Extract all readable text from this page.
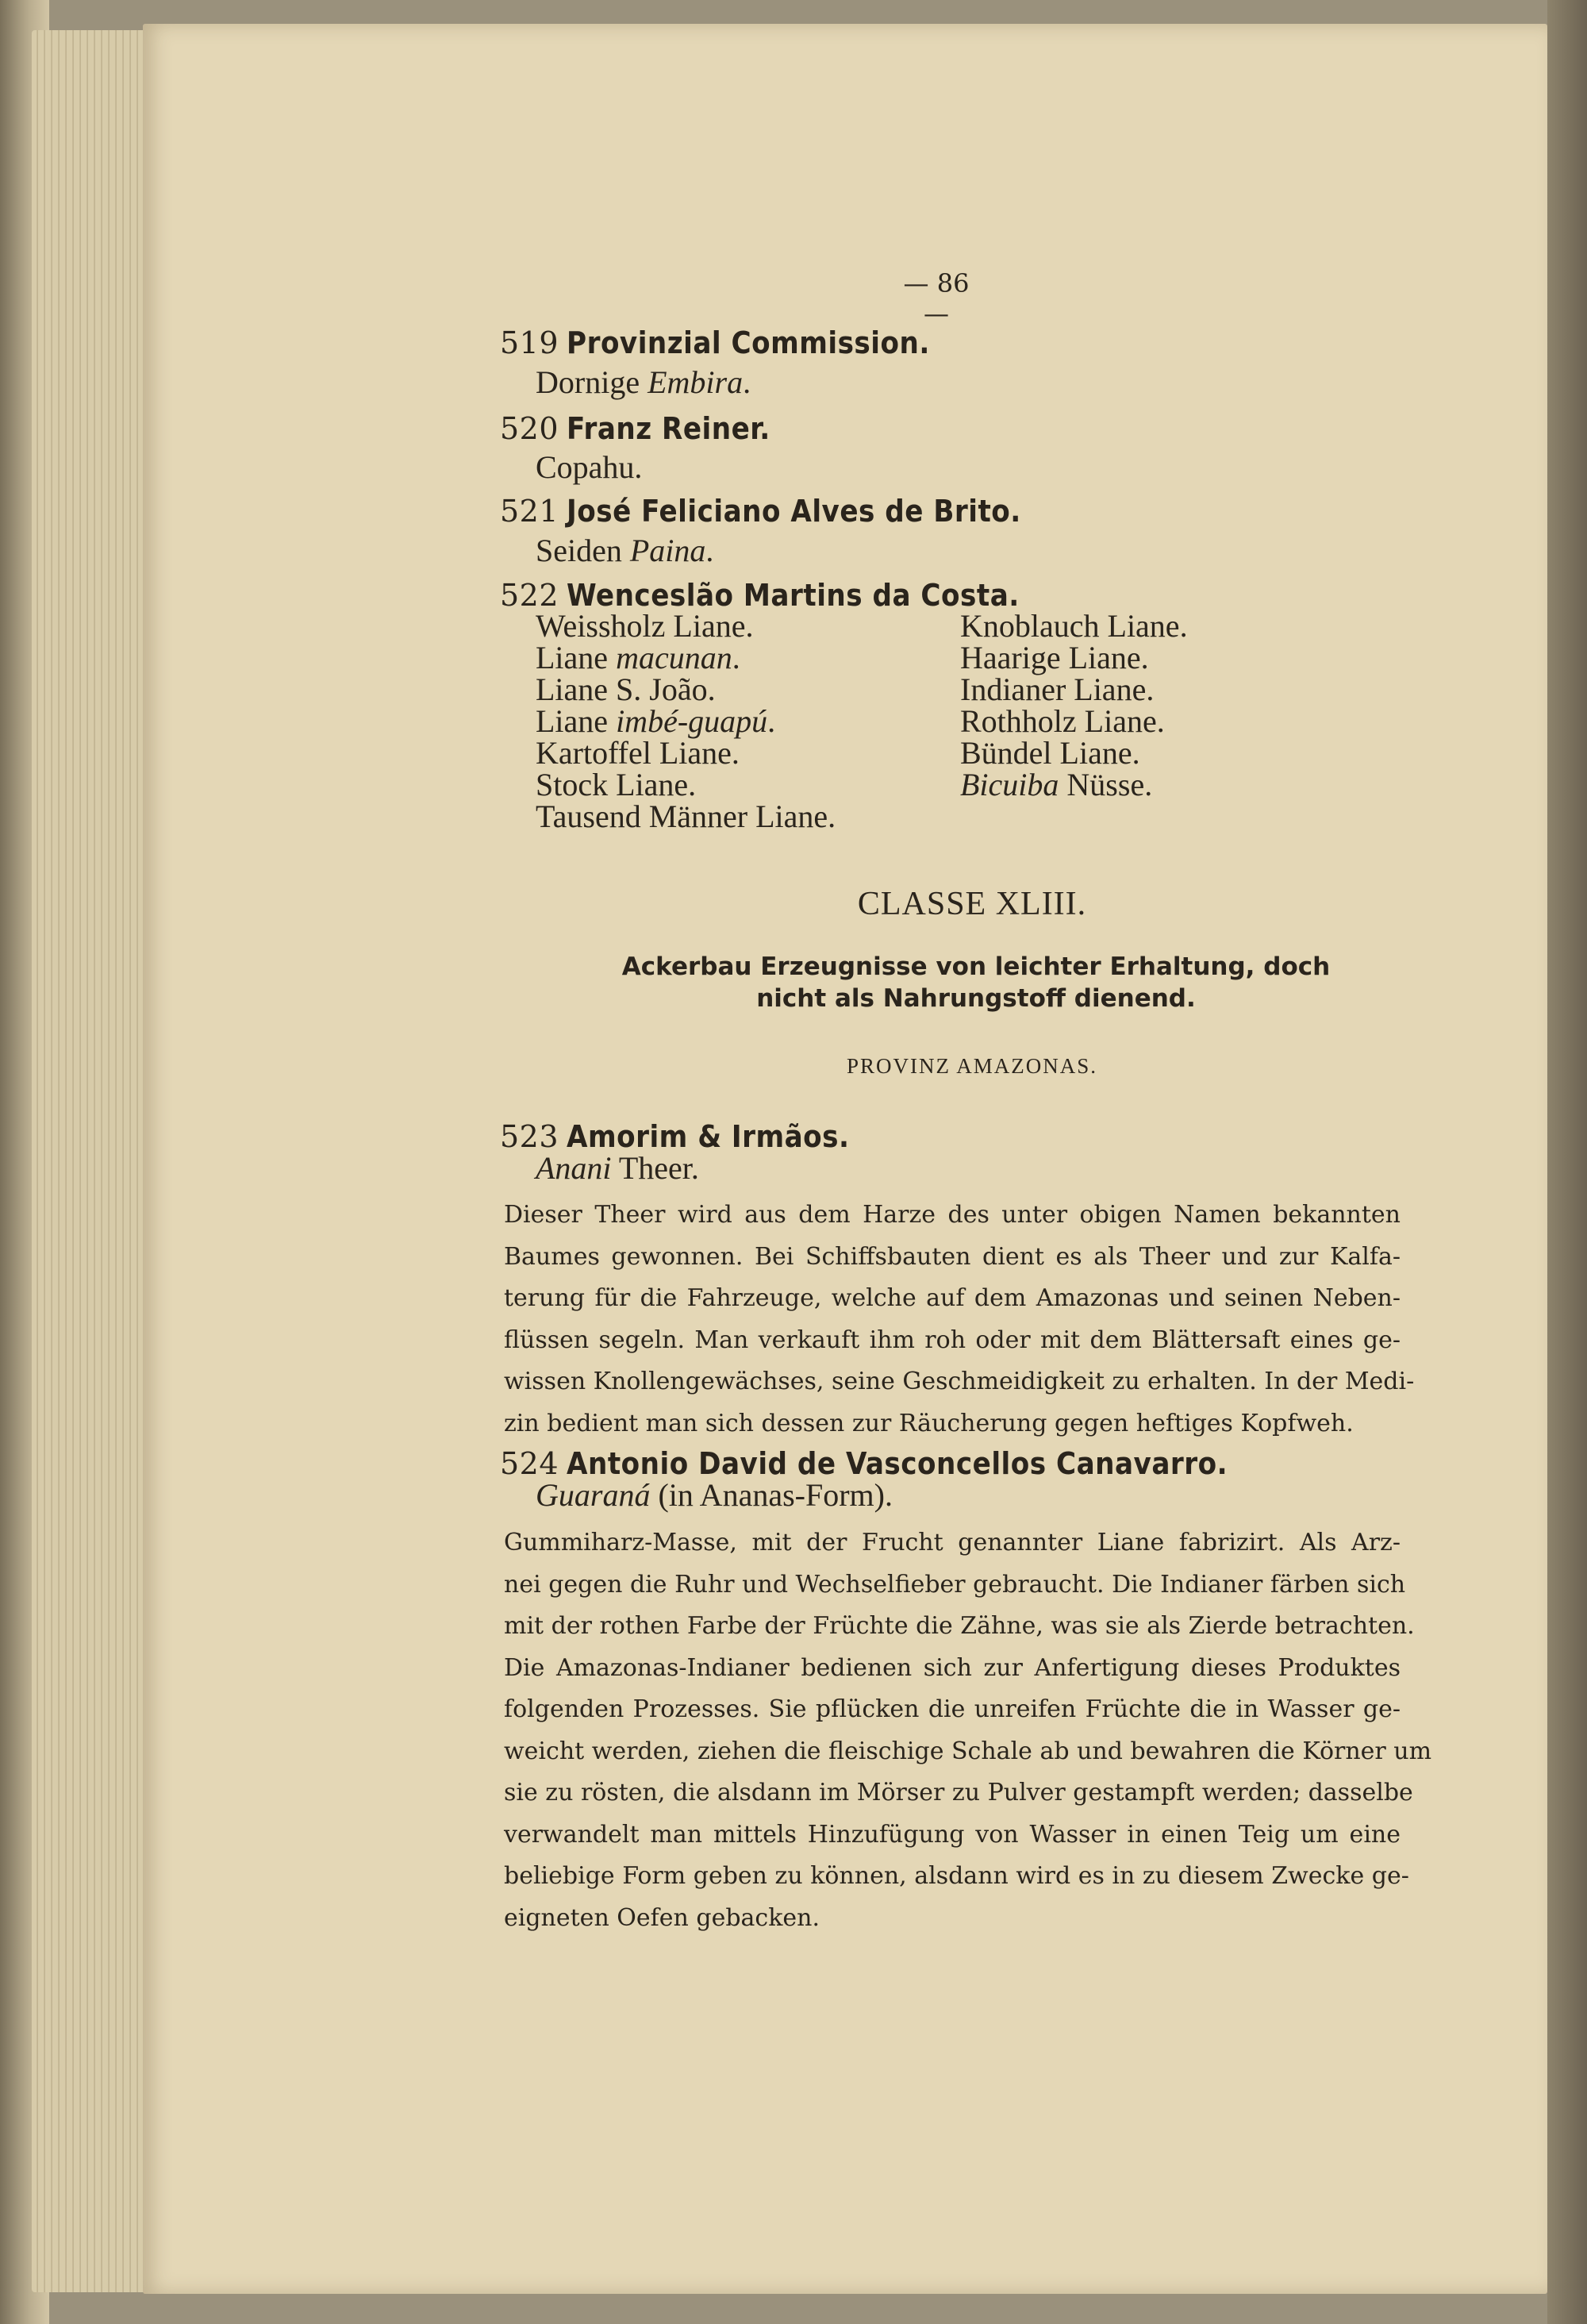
— 86 —
519 Provinzial Commission.
Dornige Embira.
520 Franz Reiner.
Copahu.
521 José Feliciano Alves de Brito.
Seiden Paina.
522 Wenceslão Martins da Costa.
Weissholz Liane.
Liane macunan.
Liane S. João.
Liane imbé-guapú.
Kartoffel Liane.
Stock Liane.
Tausend Männer Liane.
Knoblauch Liane.
Haarige Liane.
Indianer Liane.
Rothholz Liane.
Bündel Liane.
Bicuiba Nüsse.
CLASSE XLIII.
Ackerbau Erzeugnisse von leichter Erhaltung, doch
nicht als Nahrungstoff dienend.
PROVINZ AMAZONAS.
523 Amorim & Irmãos.
Anani Theer.
Dieser Theer wird aus dem Harze des unter obigen Namen bekannten
Baumes gewonnen. Bei Schiffsbauten dient es als Theer und zur Kalfa-
terung für die Fahrzeuge, welche auf dem Amazonas und seinen Neben-
flüssen segeln. Man verkauft ihm roh oder mit dem Blättersaft eines ge-
wissen Knollengewächses, seine Geschmeidigkeit zu erhalten. In der Medi-
zin bedient man sich dessen zur Räucherung gegen heftiges Kopfweh.
524 Antonio David de Vasconcellos Canavarro.
Guaraná (in Ananas-Form).
Gummiharz-Masse, mit der Frucht genannter Liane fabrizirt. Als Arz-
nei gegen die Ruhr und Wechselfieber gebraucht. Die Indianer färben sich
mit der rothen Farbe der Früchte die Zähne, was sie als Zierde betrachten.
Die Amazonas-Indianer bedienen sich zur Anfertigung dieses Produktes
folgenden Prozesses. Sie pflücken die unreifen Früchte die in Wasser ge-
weicht werden, ziehen die fleischige Schale ab und bewahren die Körner um
sie zu rösten, die alsdann im Mörser zu Pulver gestampft werden; dasselbe
verwandelt man mittels Hinzufügung von Wasser in einen Teig um eine
beliebige Form geben zu können, alsdann wird es in zu diesem Zwecke ge-
eigneten Oefen gebacken.
